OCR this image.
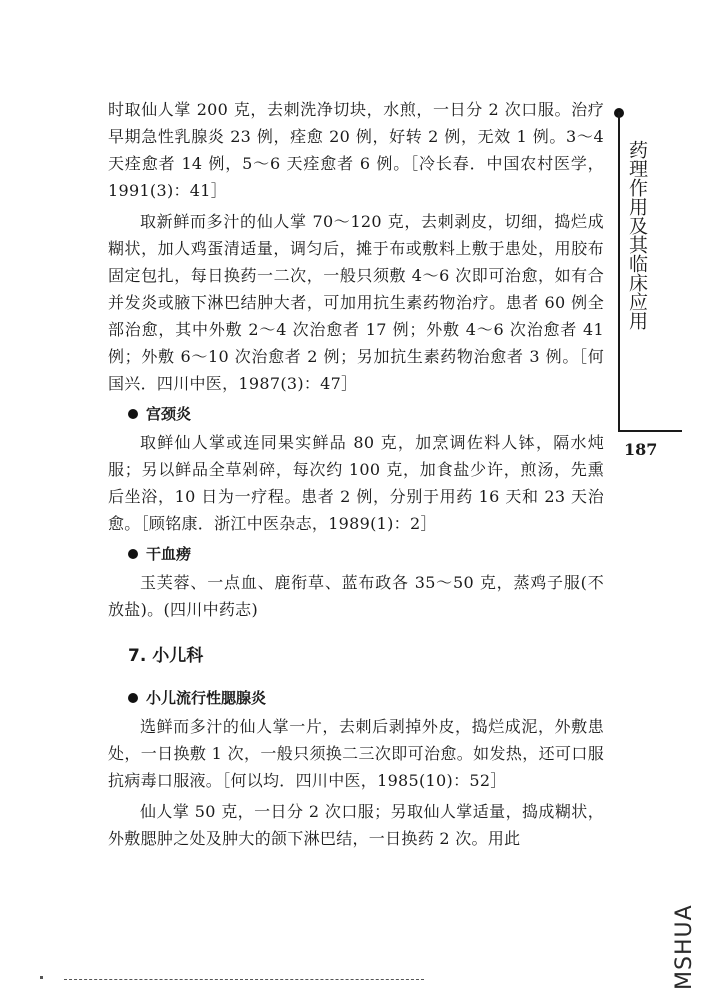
药理作用及其临床应用
187

时取仙人掌 200 克，去刺洗净切块，水煎，一日分 2 次口服。治疗早期急性乳腺炎 23 例，痊愈 20 例，好转 2 例，无效 1 例。3～4 天痊愈者 14 例，5～6 天痊愈者 6 例。［冷长春．中国农村医学，1991(3)：41］

取新鲜而多汁的仙人掌 70～120 克，去刺剥皮，切细，捣烂成糊状，加人鸡蛋清适量，调匀后，摊于布或敷料上敷于患处，用胶布固定包扎，每日换药一二次，一般只须敷 4～6 次即可治愈，如有合并发炎或腋下淋巴结肿大者，可加用抗生素药物治疗。患者 60 例全部治愈，其中外敷 2～4 次治愈者 17 例；外敷 4～6 次治愈者 41 例；外敷 6～10 次治愈者 2 例；另加抗生素药物治愈者 3 例。［何国兴．四川中医，1987(3)：47］

宫颈炎

取鲜仙人掌或连同果实鲜品 80 克，加烹调佐料人钵，隔水炖服；另以鲜品全草剁碎，每次约 100 克，加食盐少许，煎汤，先熏后坐浴，10 日为一疗程。患者 2 例，分别于用药 16 天和 23 天治愈。［顾铭康．浙江中医杂志，1989(1)：2］

干血痨

玉芙蓉、一点血、鹿衔草、蓝布政各 35～50 克，蒸鸡子服(不放盐)。(四川中药志)

7. 小儿科
小儿流行性腮腺炎

选鲜而多汁的仙人掌一片，去刺后剥掉外皮，捣烂成泥，外敷患处，一日换敷 1 次，一般只须换二三次即可治愈。如发热，还可口服抗病毒口服液。［何以均．四川中医，1985(10)：52］

仙人掌 50 克，一日分 2 次口服；另取仙人掌适量，捣成糊状，外敷腮肿之处及肿大的颌下淋巴结，一日换药 2 次。用此

MSHUA
